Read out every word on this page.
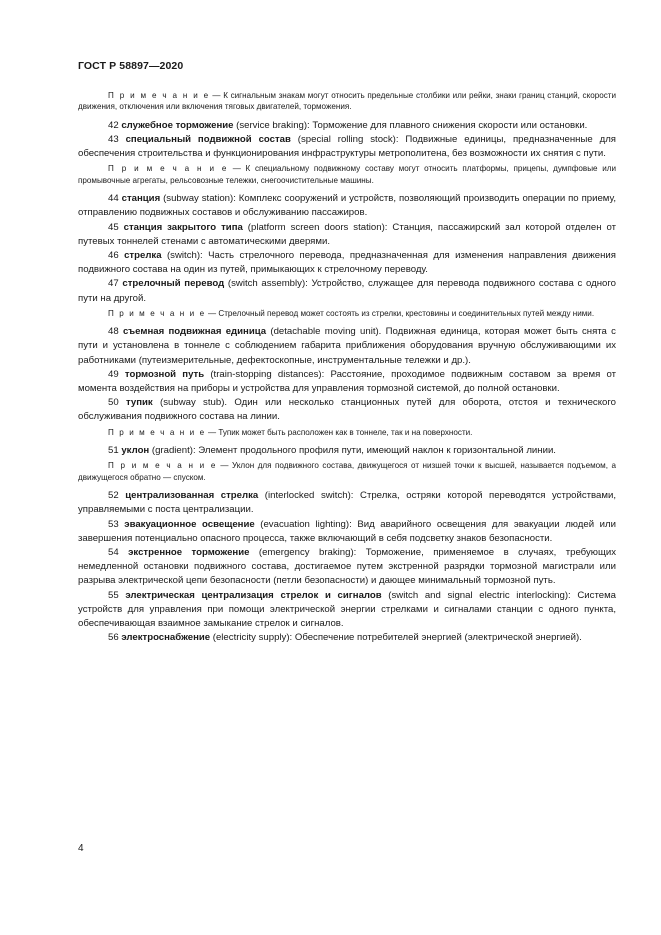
ГОСТ Р 58897—2020

П р и м е ч а н и е — К сигнальным знакам могут относить предельные столбики или рейки, знаки границ станций, скорости движения, отключения или включения тяговых двигателей, торможения.

42 служебное торможение (service braking): Торможение для плавного снижения скорости или остановки.

43 специальный подвижной состав (special rolling stock): Подвижные единицы, предназначенные для обеспечения строительства и функционирования инфраструктуры метрополитена, без возможности их снятия с пути.

П р и м е ч а н и е — К специальному подвижному составу могут относить платформы, прицепы, думпфовые или промывочные агрегаты, рельсовозные тележки, снегоочистительные машины.

44 станция (subway station): Комплекс сооружений и устройств, позволяющий производить операции по приему, отправлению подвижных составов и обслуживанию пассажиров.

45 станция закрытого типа (platform screen doors station): Станция, пассажирский зал которой отделен от путевых тоннелей стенами с автоматическими дверями.

46 стрелка (switch): Часть стрелочного перевода, предназначенная для изменения направления движения подвижного состава на один из путей, примыкающих к стрелочному переводу.

47 стрелочный перевод (switch assembly): Устройство, служащее для перевода подвижного состава с одного пути на другой.

П р и м е ч а н и е — Стрелочный перевод может состоять из стрелки, крестовины и соединительных путей между ними.

48 съемная подвижная единица (detachable moving unit). Подвижная единица, которая может быть снята с пути и установлена в тоннеле с соблюдением габарита приближения оборудования вручную обслуживающими их работниками (путеизмерительные, дефектоскопные, инструментальные тележки и др.).

49 тормозной путь (train-stopping distances): Расстояние, проходимое подвижным составом за время от момента воздействия на приборы и устройства для управления тормозной системой, до полной остановки.

50 тупик (subway stub). Один или несколько станционных путей для оборота, отстоя и технического обслуживания подвижного состава на линии.

П р и м е ч а н и е — Тупик может быть расположен как в тоннеле, так и на поверхности.

51 уклон (gradient): Элемент продольного профиля пути, имеющий наклон к горизонтальной линии.

П р и м е ч а н и е — Уклон для подвижного состава, движущегося от низшей точки к высшей, называется подъемом, а движущегося обратно — спуском.

52 централизованная стрелка (interlocked switch): Стрелка, остряки которой переводятся устройствами, управляемыми с поста централизации.

53 эвакуационное освещение (evacuation lighting): Вид аварийного освещения для эвакуации людей или завершения потенциально опасного процесса, также включающий в себя подсветку знаков безопасности.

54 экстренное торможение (emergency braking): Торможение, применяемое в случаях, требующих немедленной остановки подвижного состава, достигаемое путем экстренной разрядки тормозной магистрали или разрыва электрической цепи безопасности (петли безопасности) и дающее минимальный тормозной путь.

55 электрическая централизация стрелок и сигналов (switch and signal electric interlocking): Система устройств для управления при помощи электрической энергии стрелками и сигналами станции с одного пункта, обеспечивающая взаимное замыкание стрелок и сигналов.

56 электроснабжение (electricity supply): Обеспечение потребителей энергией (электрической энергией).

4
